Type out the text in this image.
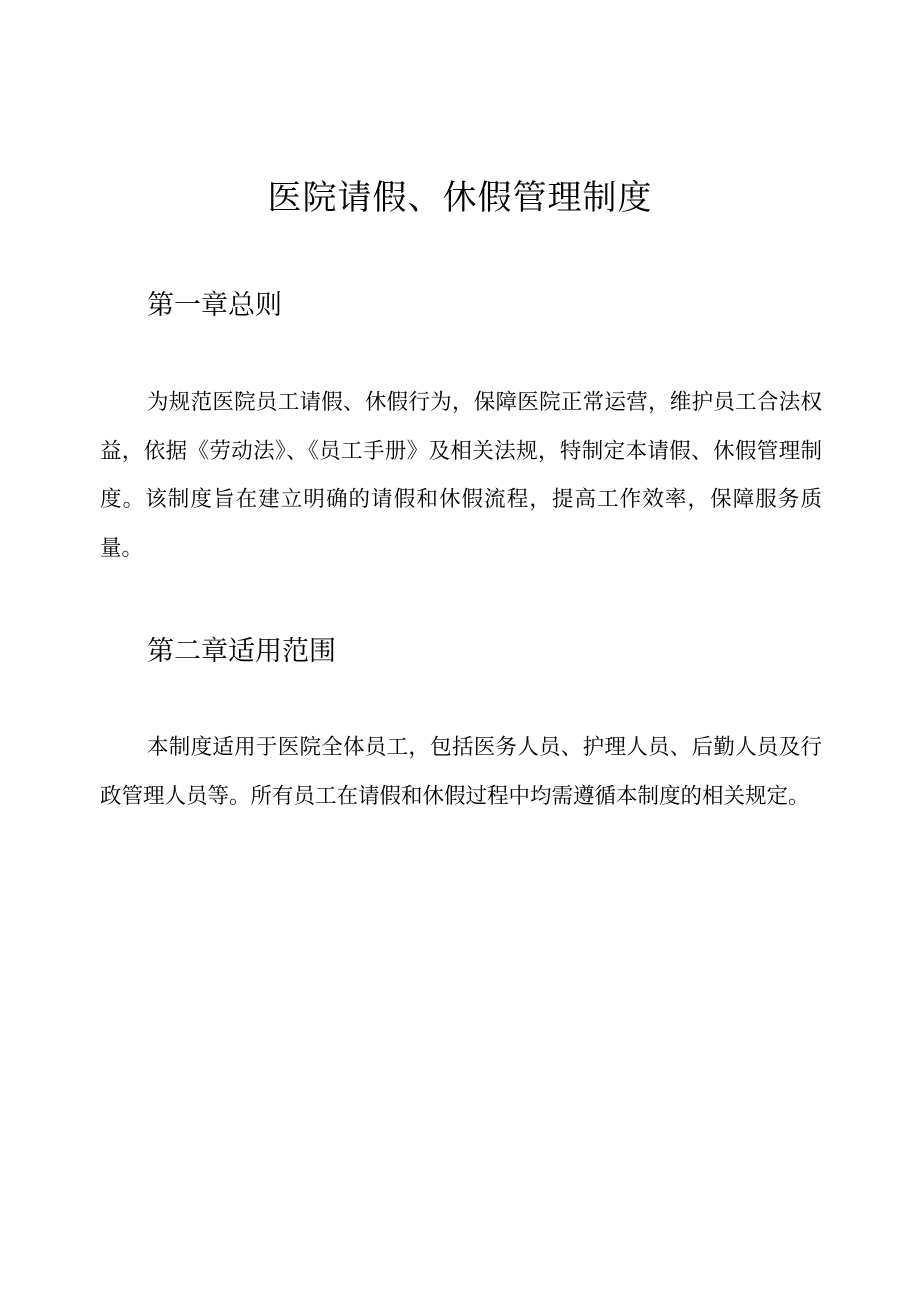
医院请假、休假管理制度
第一章总则

为规范医院员工请假、休假行为，保障医院正常运营，维护员工合法权益，依据《劳动法》、《员工手册》及相关法规，特制定本请假、休假管理制度。该制度旨在建立明确的请假和休假流程，提高工作效率，保障服务质量。

第二章适用范围

本制度适用于医院全体员工，包括医务人员、护理人员、后勤人员及行政管理人员等。所有员工在请假和休假过程中均需遵循本制度的相关规定。
